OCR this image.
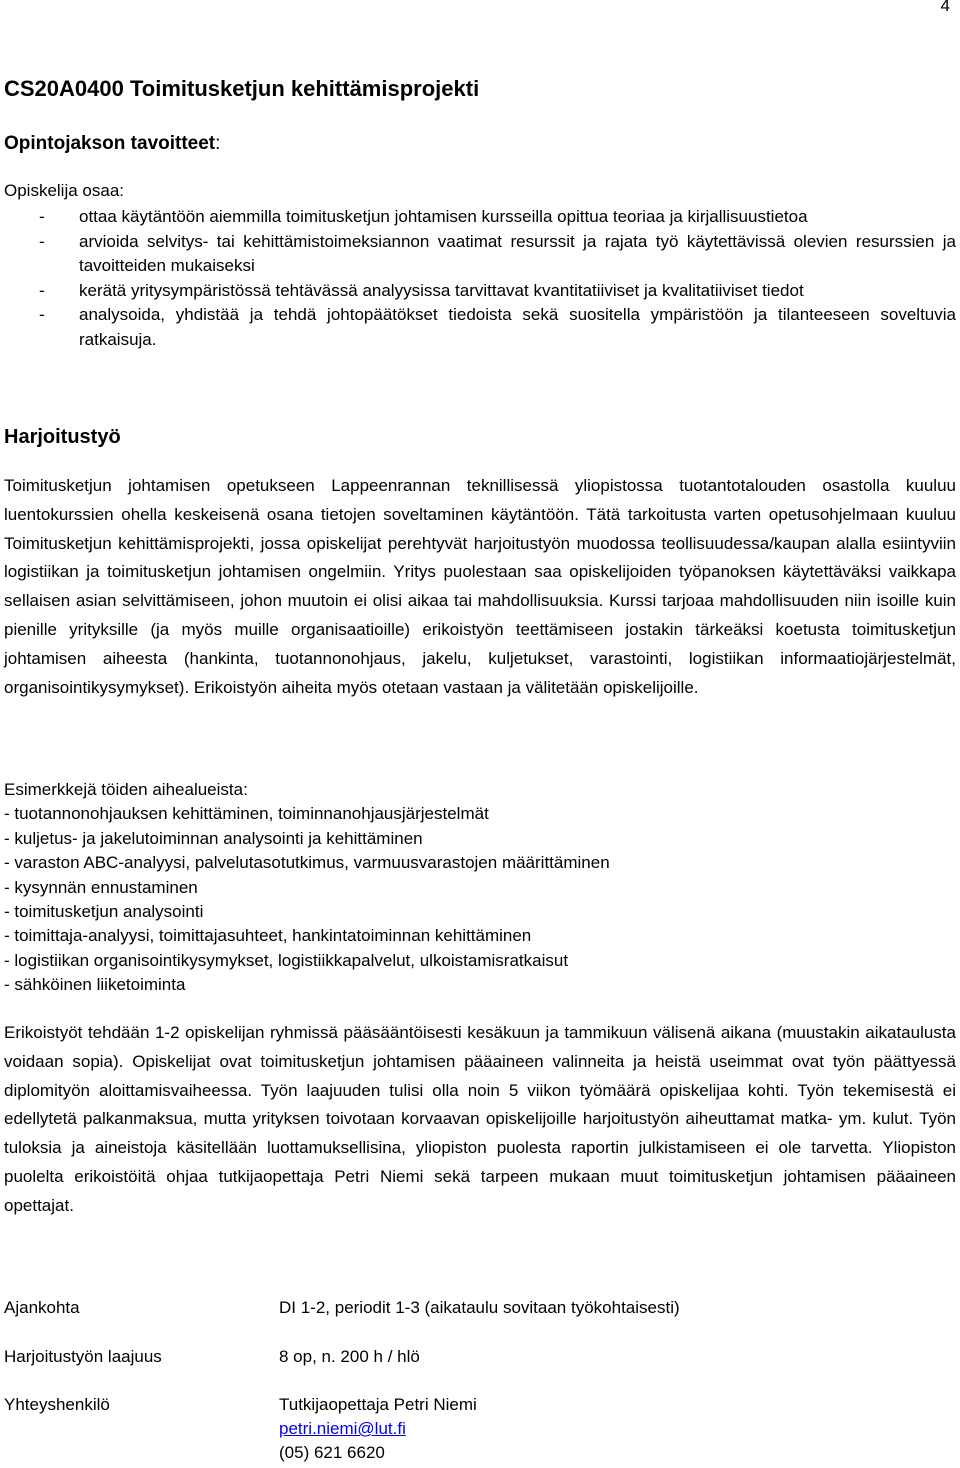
4
CS20A0400 Toimitusketjun kehittämisprojekti
Opintojakson tavoitteet:
Opiskelija osaa:
-	ottaa käytäntöön aiemmilla toimitusketjun johtamisen kursseilla opittua teoriaa ja kirjallisuustietoa
-	arvioida selvitys- tai kehittämistoimeksiannon vaatimat resurssit ja rajata työ käytettävissä olevien resurssien ja tavoitteiden mukaiseksi
-	kerätä yritysympäristössä tehtävässä analyysissa tarvittavat kvantitatiiviset ja kvalitatiiviset tiedot
-	analysoida, yhdistää ja tehdä johtopäätökset tiedoista sekä suositella ympäristöön ja tilanteeseen soveltuvia ratkaisuja.
Harjoitustyö

Toimitusketjun johtamisen opetukseen Lappeenrannan teknillisessä yliopistossa tuotantotalouden osastolla kuuluu luentokurssien ohella keskeisenä osana tietojen soveltaminen käytäntöön. Tätä tarkoitusta varten opetusohjelmaan kuuluu Toimitusketjun kehittämisprojekti, jossa opiskelijat perehtyvät harjoitustyön muodossa teollisuudessa/kaupan alalla esiintyviin logistiikan ja toimitusketjun johtamisen ongelmiin. Yritys puolestaan saa opiskelijoiden työpanoksen käytettäväksi vaikkapa sellaisen asian selvittämiseen, johon muutoin ei olisi aikaa tai mahdollisuuksia. Kurssi tarjoaa mahdollisuuden niin isoille kuin pienille yrityksille (ja myös muille organisaatioille) erikoistyön teettämiseen jostakin tärkeäksi koetusta toimitusketjun johtamisen aiheesta (hankinta, tuotannonohjaus, jakelu, kuljetukset, varastointi, logistiikan informaatiojärjestelmät, organisointikysymykset). Erikoistyön aiheita myös otetaan vastaan ja välitetään opiskelijoille.

Esimerkkejä töiden aihealueista:
- tuotannonohjauksen kehittäminen, toiminnanohjausjärjestelmät
- kuljetus- ja jakelutoiminnan analysointi ja kehittäminen
- varaston ABC-analyysi, palvelutasotutkimus, varmuusvarastojen määrittäminen
- kysynnän ennustaminen
- toimitusketjun analysointi
- toimittaja-analyysi, toimittajasuhteet, hankintatoiminnan kehittäminen
- logistiikan organisointikysymykset, logistiikkapalvelut, ulkoistamisratkaisut
- sähköinen liiketoiminta

Erikoistyöt tehdään 1-2 opiskelijan ryhmissä pääsääntöisesti kesäkuun ja tammikuun välisenä aikana (muustakin aikataulusta voidaan sopia). Opiskelijat ovat toimitusketjun johtamisen pääaineen valinneita ja heistä useimmat ovat työn päättyessä diplomityön aloittamisvaiheessa. Työn laajuuden tulisi olla noin 5 viikon työmäärä opiskelijaa kohti. Työn tekemisestä ei edellytetä palkanmaksua, mutta yrityksen toivotaan korvaavan opiskelijoille harjoitustyön aiheuttamat matka- ym. kulut. Työn tuloksia ja aineistoja käsitellään luottamuksellisina, yliopiston puolesta raportin julkistamiseen ei ole tarvetta. Yliopiston puolelta erikoistöitä ohjaa tutkijaopettaja Petri Niemi sekä tarpeen mukaan muut toimitusketjun johtamisen pääaineen opettajat.

Ajankohta	DI 1-2, periodit 1-3 (aikataulu sovitaan työkohtaisesti)
Harjoitustyön laajuus	8 op, n. 200 h / hlö
Yhteyshenkilö	Tutkijaopettaja Petri Niemi
petri.niemi@lut.fi
(05) 621 6620
